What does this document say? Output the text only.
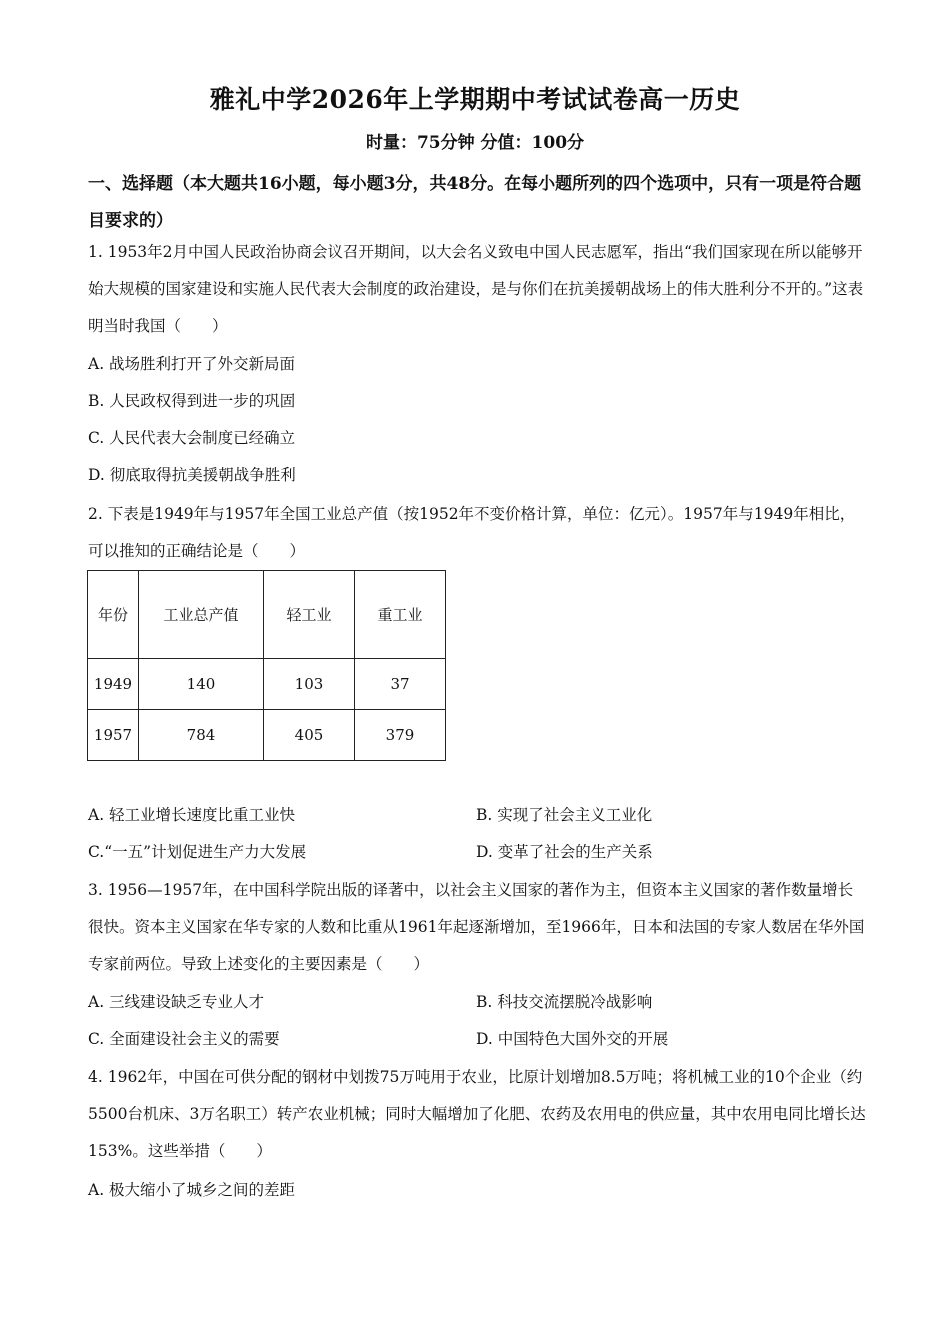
雅礼中学2026年上学期期中考试试卷高一历史
时量：75分钟 分值：100分
一、选择题（本大题共16小题，每小题3分，共48分。在每小题所列的四个选项中，只有一项是符合题目要求的）
1. 1953年2月中国人民政治协商会议召开期间，以大会名义致电中国人民志愿军，指出“我们国家现在所以能够开始大规模的国家建设和实施人民代表大会制度的政治建设，是与你们在抗美援朝战场上的伟大胜利分不开的。”这表明当时我国（　　）
A. 战场胜利打开了外交新局面
B. 人民政权得到进一步的巩固
C. 人民代表大会制度已经确立
D. 彻底取得抗美援朝战争胜利
2. 下表是1949年与1957年全国工业总产值（按1952年不变价格计算，单位：亿元）。1957年与1949年相比，可以推知的正确结论是（　　）
年份	工业总产值	轻工业	重工业
1949	140	103	37
1957	784	405	379
A. 轻工业增长速度比重工业快	B. 实现了社会主义工业化
C.“一五”计划促进生产力大发展	D. 变革了社会的生产关系
3. 1956—1957年，在中国科学院出版的译著中，以社会主义国家的著作为主，但资本主义国家的著作数量增长很快。资本主义国家在华专家的人数和比重从1961年起逐渐增加，至1966年，日本和法国的专家人数居在华外国专家前两位。导致上述变化的主要因素是（　　）
A. 三线建设缺乏专业人才	B. 科技交流摆脱冷战影响
C. 全面建设社会主义的需要	D. 中国特色大国外交的开展
4. 1962年，中国在可供分配的钢材中划拨75万吨用于农业，比原计划增加8.5万吨；将机械工业的10个企业（约5500台机床、3万名职工）转产农业机械；同时大幅增加了化肥、农药及农用电的供应量，其中农用电同比增长达153%。这些举措（　　）
A. 极大缩小了城乡之间的差距
